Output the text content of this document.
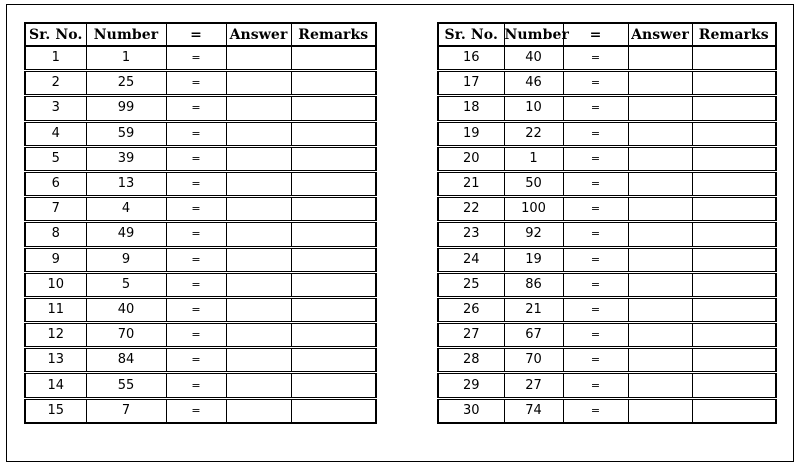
Sr. No.	Number	=	Answer	Remarks
1	1	=		
2	25	=		
3	99	=		
4	59	=		
5	39	=		
6	13	=		
7	4	=		
8	49	=		
9	9	=		
10	5	=		
11	40	=		
12	70	=		
13	84	=		
14	55	=		
15	7	=		
Sr. No.	Number	=	Answer	Remarks
16	40	=		
17	46	=		
18	10	=		
19	22	=		
20	1	=		
21	50	=		
22	100	=		
23	92	=		
24	19	=		
25	86	=		
26	21	=		
27	67	=		
28	70	=		
29	27	=		
30	74	=		
